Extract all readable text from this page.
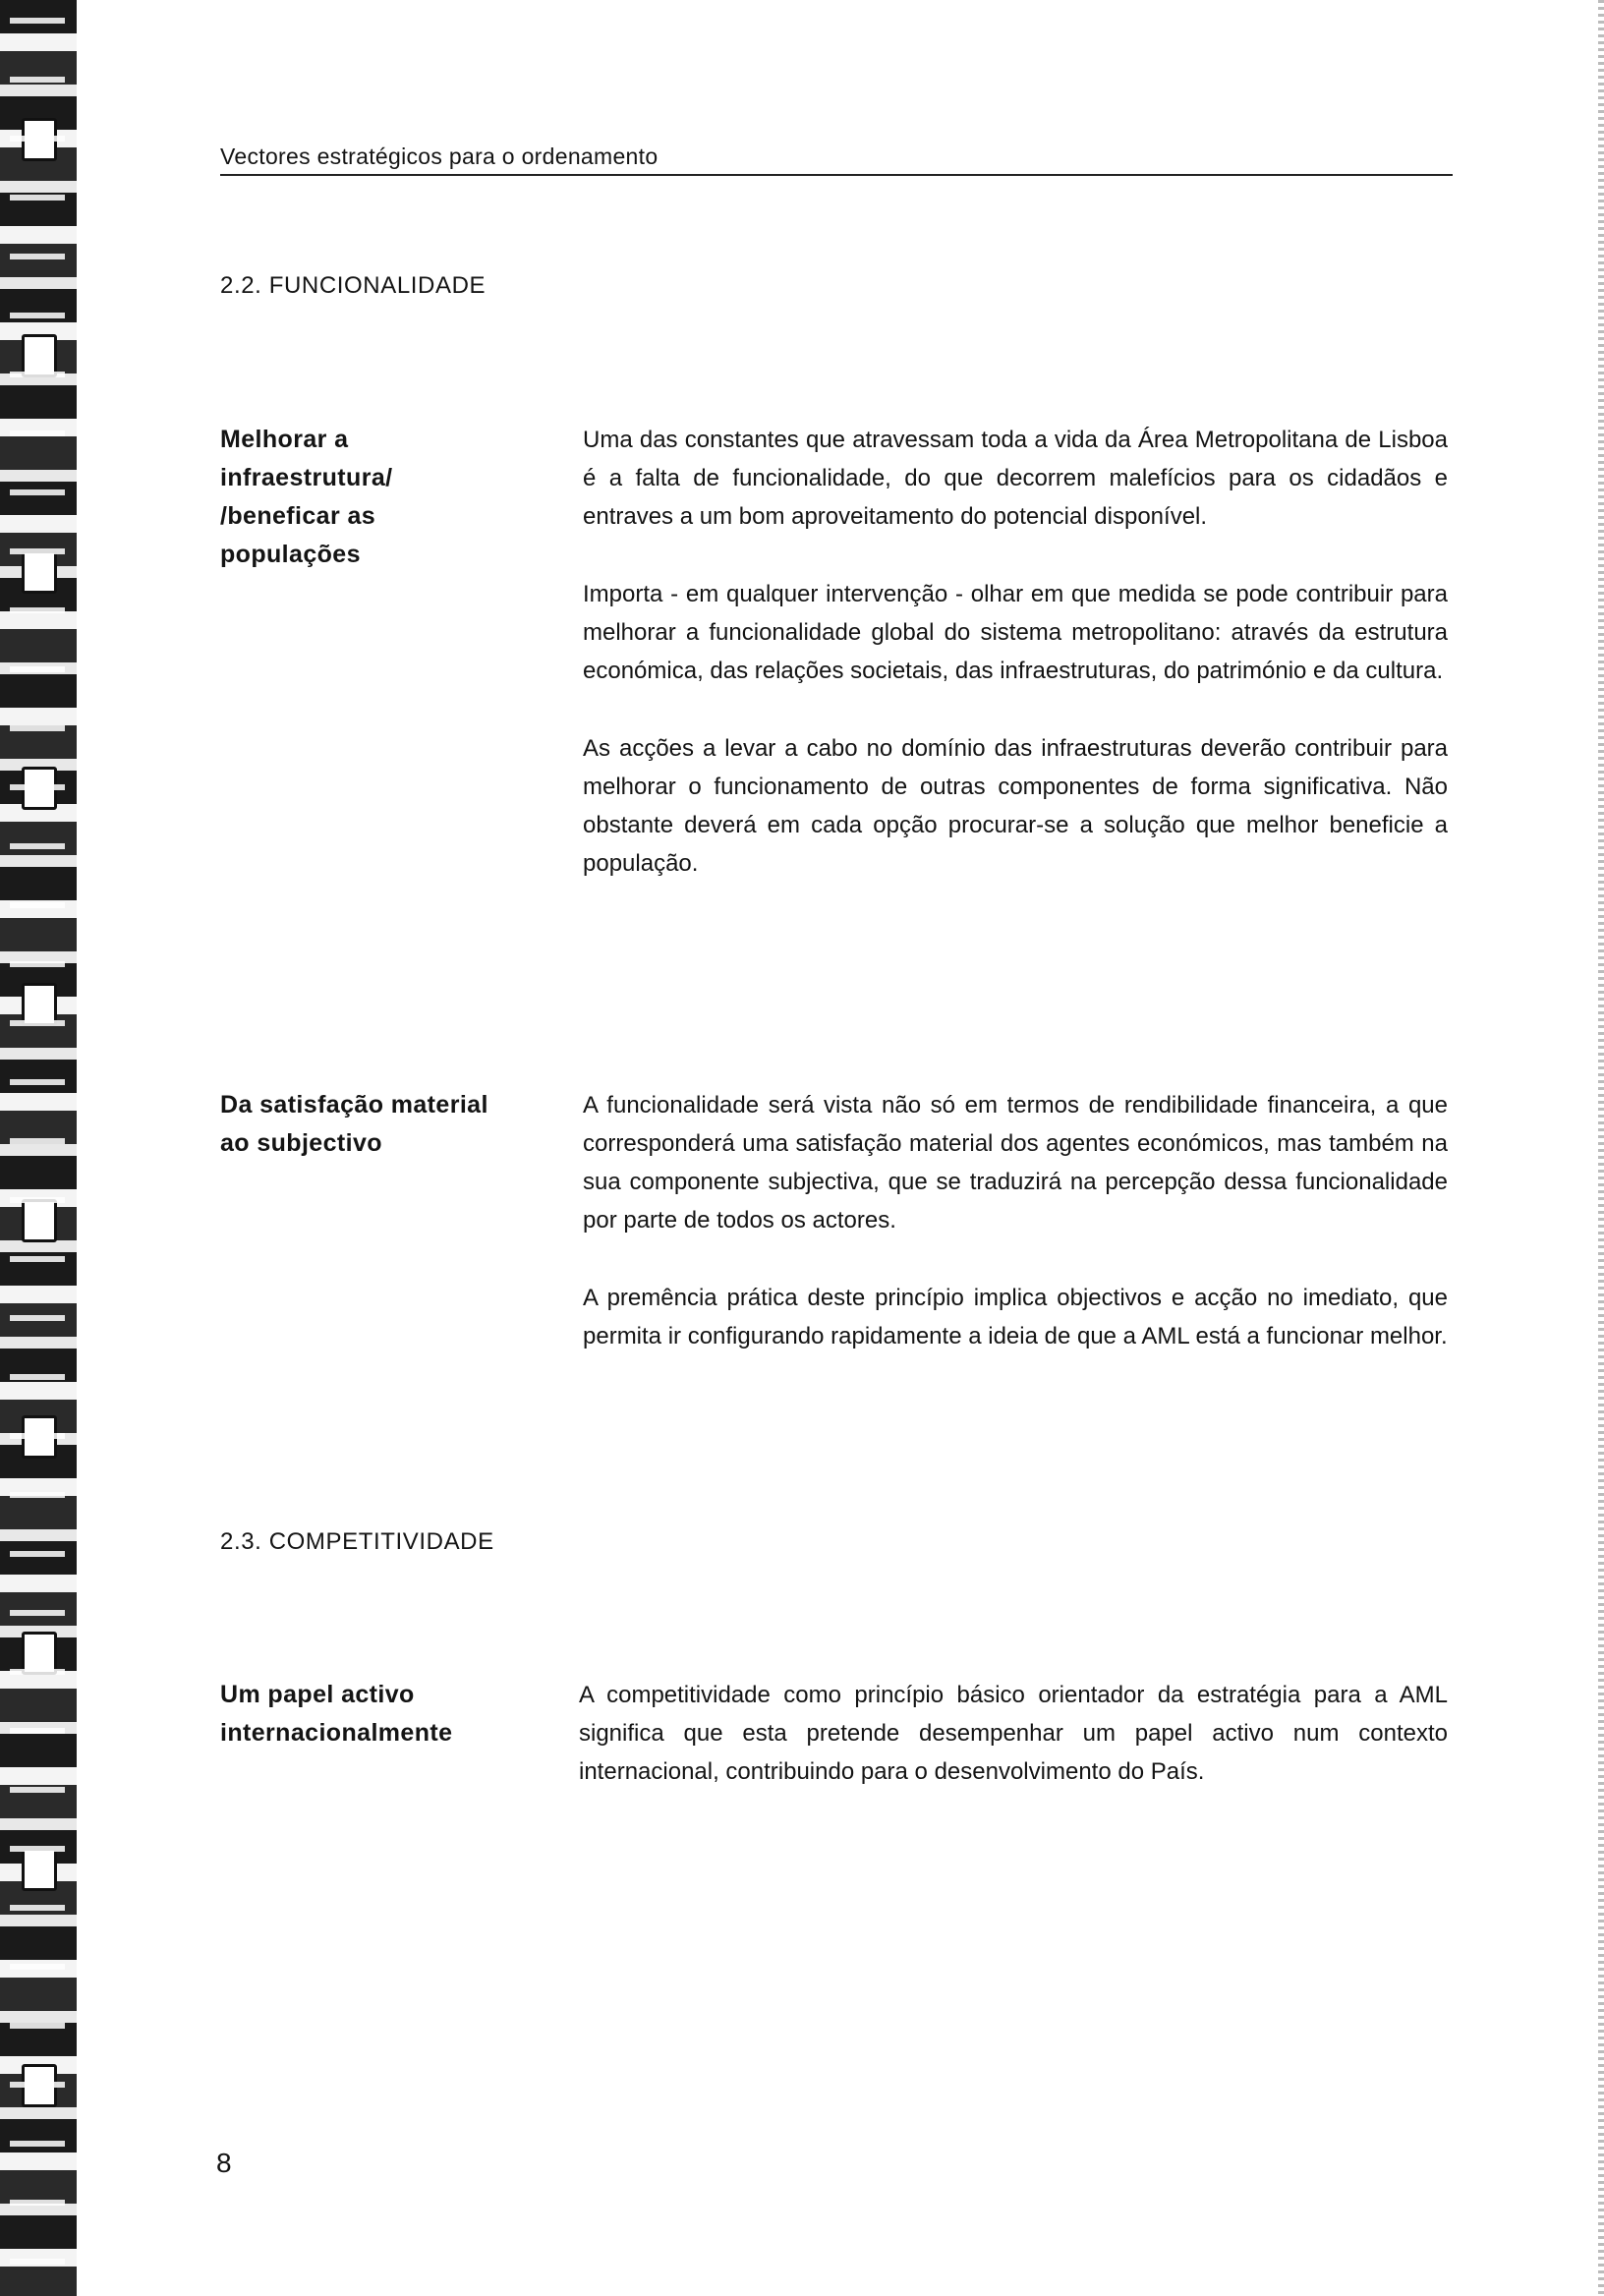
Vectores estratégicos para o ordenamento
2.2. FUNCIONALIDADE
Melhorar a infraestrutura/ /beneficar as populações

Uma das constantes que atravessam toda a vida da Área Metropolitana de Lisboa é a falta de funcionalidade, do que decorrem malefícios para os cidadãos e entraves a um bom aproveitamento do potencial disponível.

Importa - em qualquer intervenção - olhar em que medida se pode contribuir para melhorar a funcionalidade global do sistema metropolitano: através da estrutura económica, das relações societais, das infraestruturas, do património e da cultura.

As acções a levar a cabo no domínio das infraestruturas deverão contribuir para melhorar o funcionamento de outras componentes de forma significativa. Não obstante deverá em cada opção procurar-se a solução que melhor beneficie a população.

Da satisfação material ao subjectivo

A funcionalidade será vista não só em termos de rendibilidade financeira, a que corresponderá uma satisfação material dos agentes económicos, mas também na sua componente subjectiva, que se traduzirá na percepção dessa funcionalidade por parte de todos os actores.

A premência prática deste princípio implica objectivos e acção no imediato, que permita ir configurando rapidamente a ideia de que a AML está a funcionar melhor.

2.3. COMPETITIVIDADE
Um papel activo internacionalmente

A competitividade como princípio básico orientador da estratégia para a AML significa que esta pretende desempenhar um papel activo num contexto internacional, contribuindo para o desenvolvimento do País.

8
